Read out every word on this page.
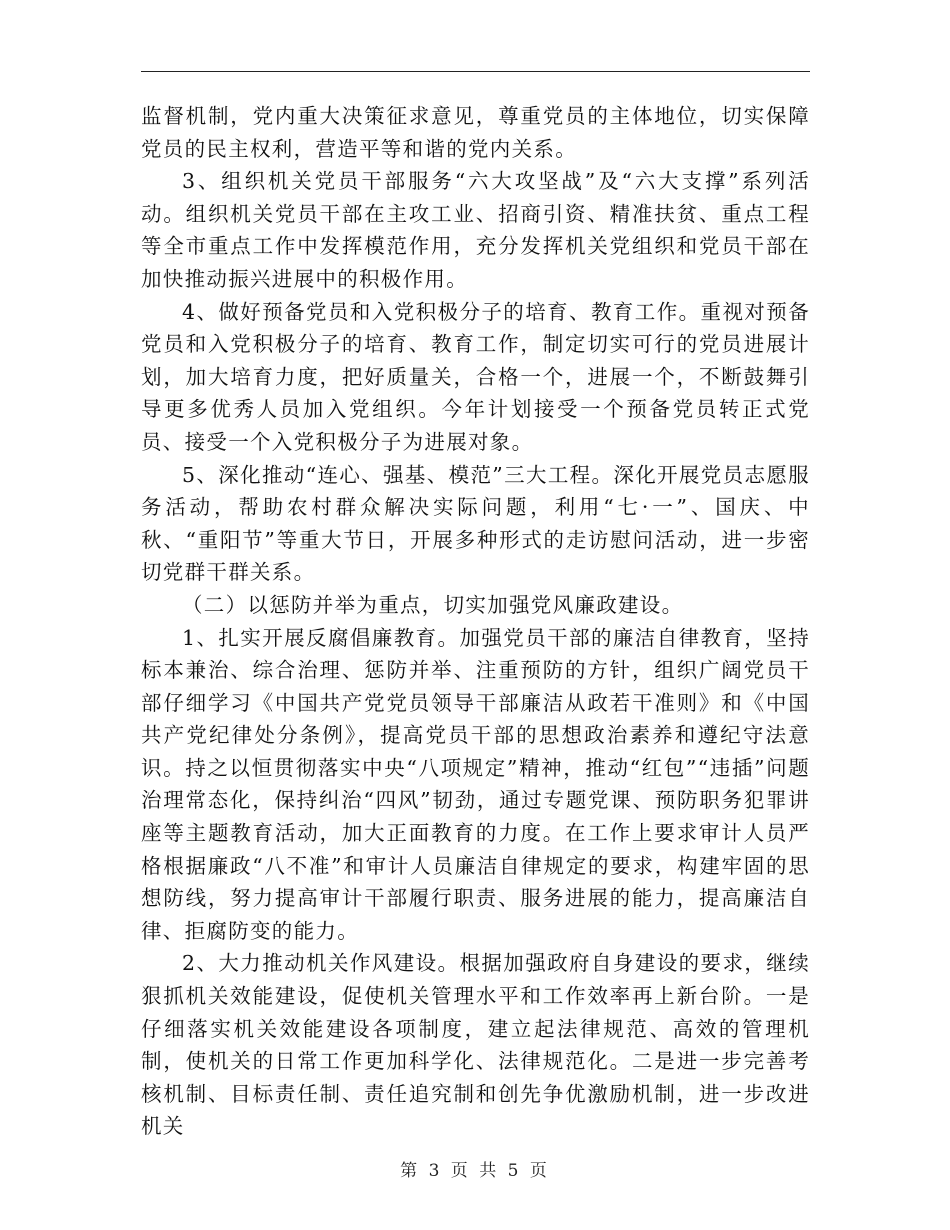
监督机制，党内重大决策征求意见，尊重党员的主体地位，切实保障党员的民主权利，营造平等和谐的党内关系。

3、组织机关党员干部服务“六大攻坚战”及“六大支撑”系列活动。组织机关党员干部在主攻工业、招商引资、精准扶贫、重点工程等全市重点工作中发挥模范作用，充分发挥机关党组织和党员干部在加快推动振兴进展中的积极作用。

4、做好预备党员和入党积极分子的培育、教育工作。重视对预备党员和入党积极分子的培育、教育工作，制定切实可行的党员进展计划，加大培育力度，把好质量关，合格一个，进展一个，不断鼓舞引导更多优秀人员加入党组织。今年计划接受一个预备党员转正式党员、接受一个入党积极分子为进展对象。

5、深化推动“连心、强基、模范”三大工程。深化开展党员志愿服务活动，帮助农村群众解决实际问题，利用“七·一”、国庆、中秋、“重阳节”等重大节日，开展多种形式的走访慰问活动，进一步密切党群干群关系。

（二）以惩防并举为重点，切实加强党风廉政建设。

1、扎实开展反腐倡廉教育。加强党员干部的廉洁自律教育，坚持标本兼治、综合治理、惩防并举、注重预防的方针，组织广阔党员干部仔细学习《中国共产党党员领导干部廉洁从政若干准则》和《中国共产党纪律处分条例》，提高党员干部的思想政治素养和遵纪守法意识。持之以恒贯彻落实中央“八项规定”精神，推动“红包”“违插”问题治理常态化，保持纠治“四风”韧劲，通过专题党课、预防职务犯罪讲座等主题教育活动，加大正面教育的力度。在工作上要求审计人员严格根据廉政“八不准”和审计人员廉洁自律规定的要求，构建牢固的思想防线，努力提高审计干部履行职责、服务进展的能力，提高廉洁自律、拒腐防变的能力。

2、大力推动机关作风建设。根据加强政府自身建设的要求，继续狠抓机关效能建设，促使机关管理水平和工作效率再上新台阶。一是仔细落实机关效能建设各项制度，建立起法律规范、高效的管理机制，使机关的日常工作更加科学化、法律规范化。二是进一步完善考核机制、目标责任制、责任追究制和创先争优激励机制，进一步改进机关

第 3 页 共 5 页
